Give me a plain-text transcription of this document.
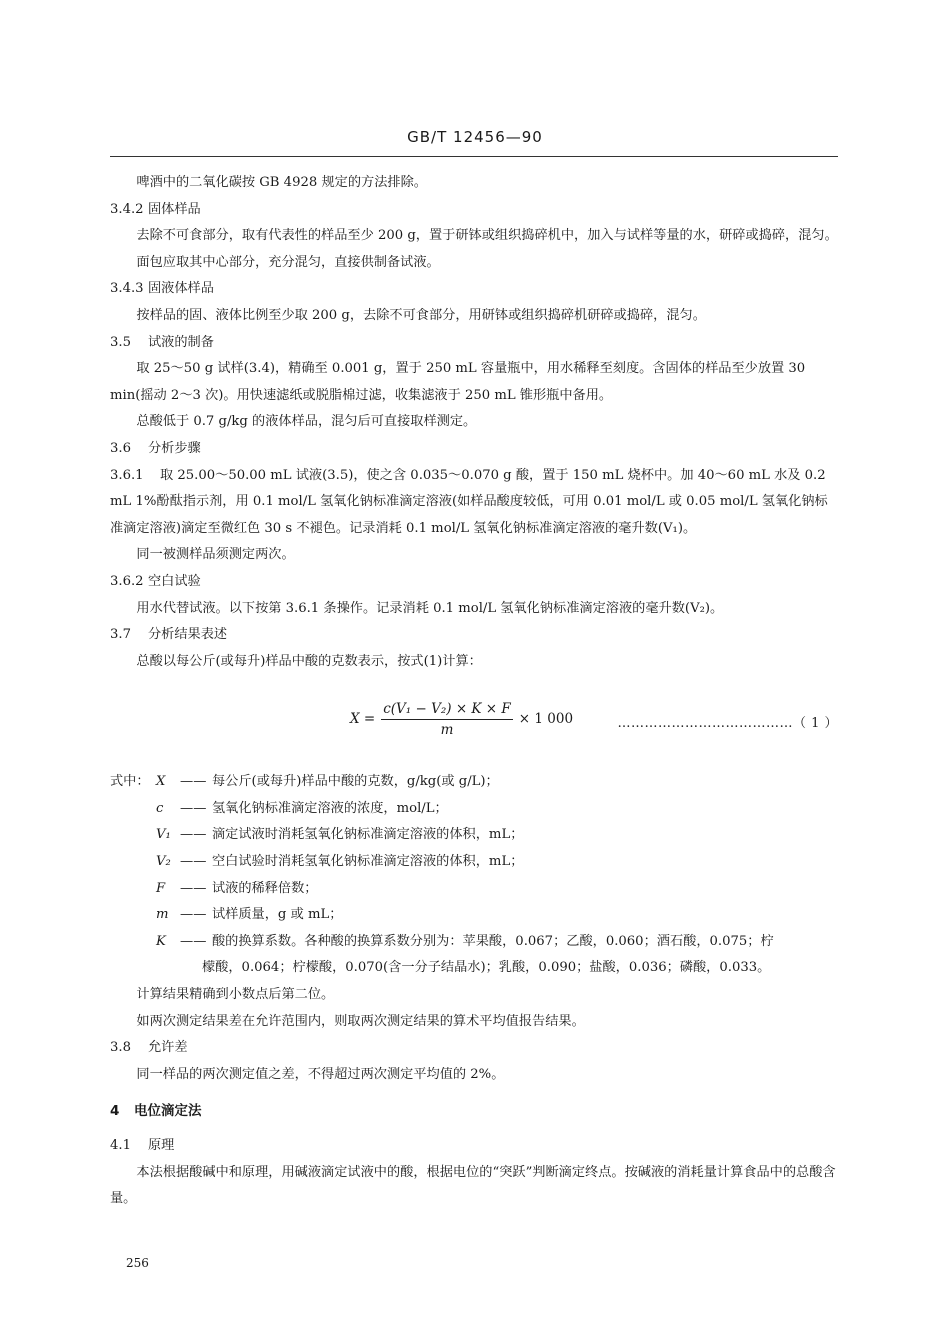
GB/T 12456—90

啤酒中的二氧化碳按 GB 4928 规定的方法排除。

3.4.2 固体样品

去除不可食部分，取有代表性的样品至少 200 g，置于研钵或组织捣碎机中，加入与试样等量的水，研碎或捣碎，混匀。

面包应取其中心部分，充分混匀，直接供制备试液。

3.4.3 固液体样品

按样品的固、液体比例至少取 200 g，去除不可食部分，用研钵或组织捣碎机研碎或捣碎，混匀。

3.5 试液的制备

取 25～50 g 试样(3.4)，精确至 0.001 g，置于 250 mL 容量瓶中，用水稀释至刻度。含固体的样品至少放置 30 min(摇动 2～3 次)。用快速滤纸或脱脂棉过滤，收集滤液于 250 mL 锥形瓶中备用。

总酸低于 0.7 g/kg 的液体样品，混匀后可直接取样测定。

3.6 分析步骤

3.6.1 取 25.00～50.00 mL 试液(3.5)，使之含 0.035～0.070 g 酸，置于 150 mL 烧杯中。加 40～60 mL 水及 0.2 mL 1%酚酞指示剂，用 0.1 mol/L 氢氧化钠标准滴定溶液(如样品酸度较低，可用 0.01 mol/L 或 0.05 mol/L 氢氧化钠标准滴定溶液)滴定至微红色 30 s 不褪色。记录消耗 0.1 mol/L 氢氧化钠标准滴定溶液的毫升数(V₁)。

同一被测样品须测定两次。

3.6.2 空白试验

用水代替试液。以下按第 3.6.1 条操作。记录消耗 0.1 mol/L 氢氧化钠标准滴定溶液的毫升数(V₂)。

3.7 分析结果表述

总酸以每公斤(或每升)样品中酸的克数表示，按式(1)计算：

$X = \frac{\text{c(V₁ − V₂) × K × F}}{m} \times 1$ 000	…………………………………（ 1 ）
式中： X	—— 每公斤(或每升)样品中酸的克数，g/kg(或 g/L)；
c	—— 氢氧化钠标准滴定溶液的浓度，mol/L；
V₁ —— 滴定试液时消耗氢氧化钠标准滴定溶液的体积，mL；
V₂ —— 空白试验时消耗氢氧化钠标准滴定溶液的体积，mL；
F	—— 试液的稀释倍数；
m —— 试样质量，g 或 mL；
K	—— 酸的换算系数。各种酸的换算系数分别为：苹果酸，0.067；乙酸，0.060；酒石酸，0.075；柠

檬酸，0.064；柠檬酸，0.070(含一分子结晶水)；乳酸，0.090；盐酸，0.036；磷酸，0.033。

计算结果精确到小数点后第二位。

如两次测定结果差在允许范围内，则取两次测定结果的算术平均值报告结果。

3.8 允许差

同一样品的两次测定值之差，不得超过两次测定平均值的 2%。

4 电位滴定法

4.1 原理

本法根据酸碱中和原理，用碱液滴定试液中的酸，根据电位的“突跃”判断滴定终点。按碱液的消耗量计算食品中的总酸含量。

256
